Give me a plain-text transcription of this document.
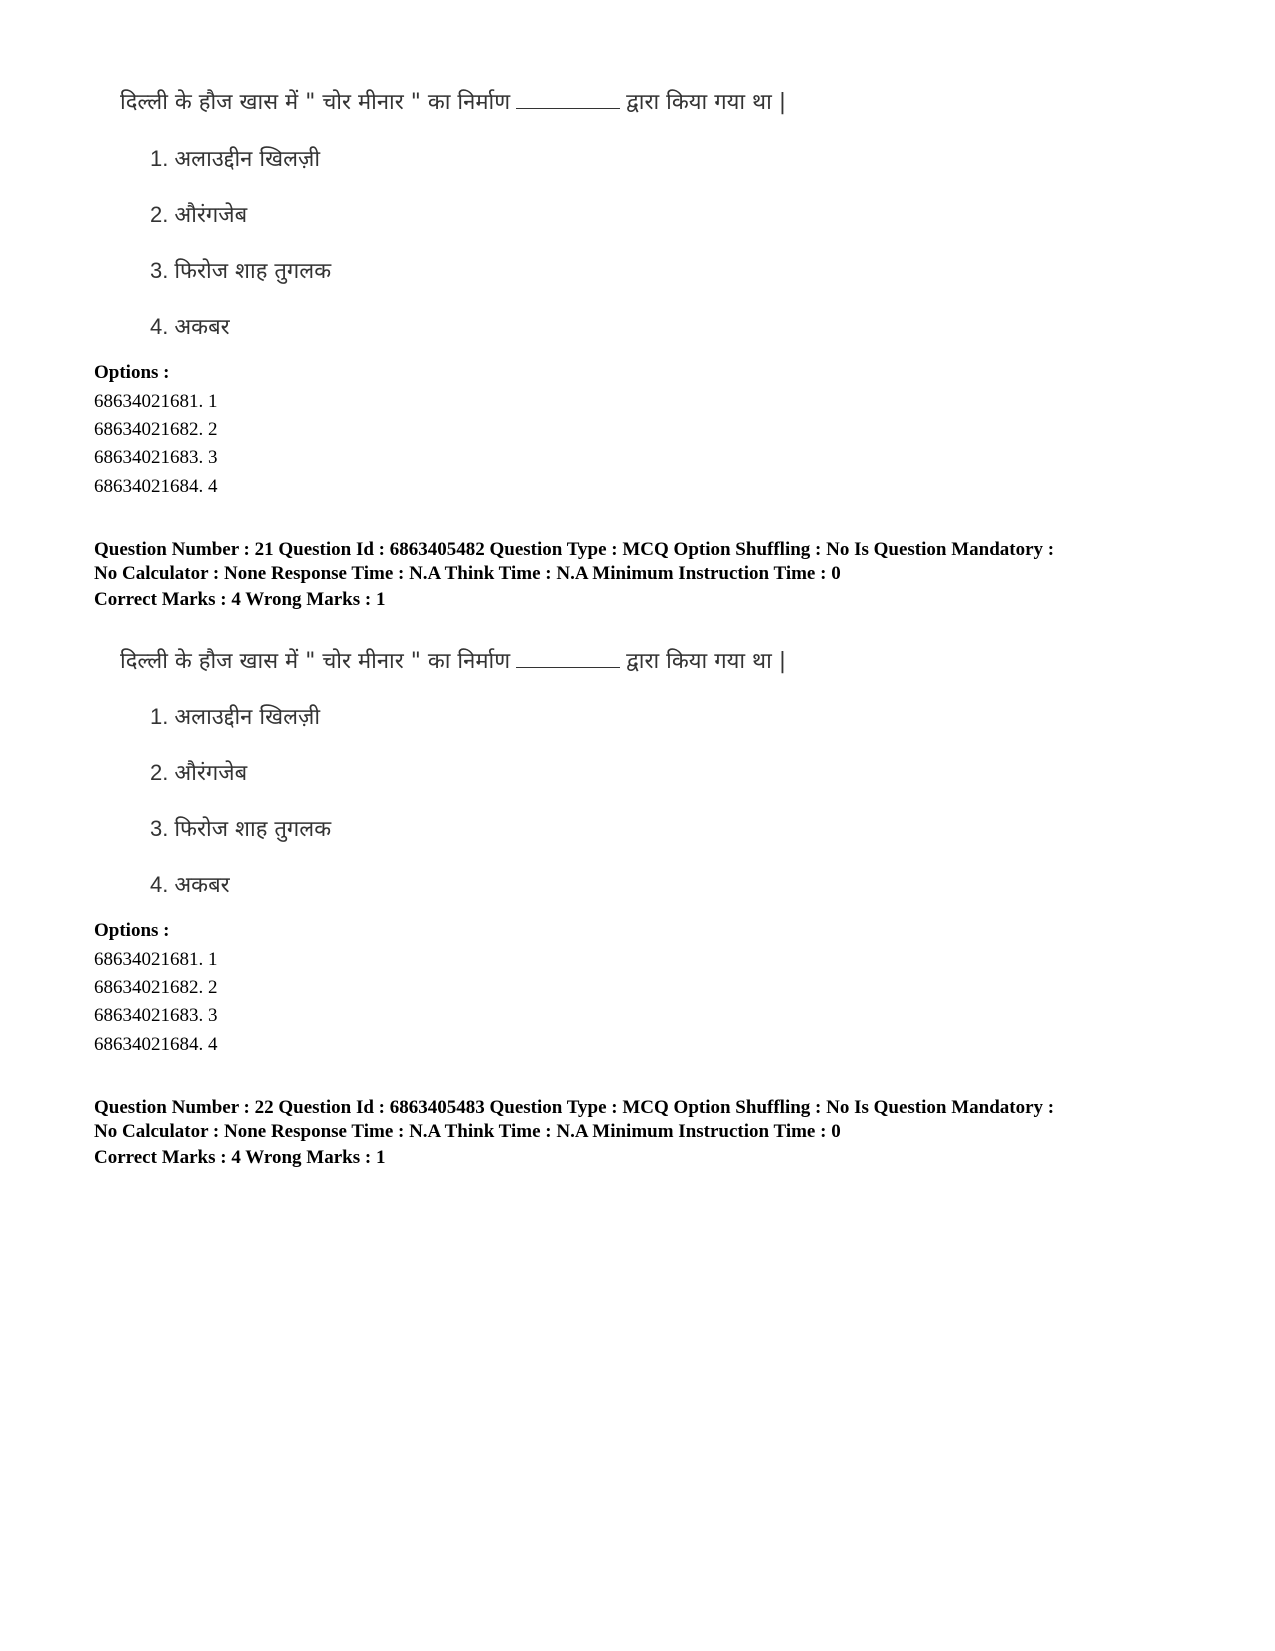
दिल्ली के हौज खास में " चोर मीनार " का निर्माण	द्वारा किया गया था |
1. अलाउद्दीन खिलज़ी
2. औरंगजेब
3. फिरोज शाह तुगलक
4. अकबर
Options :
68634021681. 1
68634021682. 2
68634021683. 3
68634021684. 4
Question Number : 21 Question Id : 6863405482 Question Type : MCQ Option Shuffling : No Is Question Mandatory :
No Calculator : None Response Time : N.A Think Time : N.A Minimum Instruction Time : 0
Correct Marks : 4 Wrong Marks : 1
दिल्ली के हौज खास में " चोर मीनार " का निर्माण	द्वारा किया गया था |
1. अलाउद्दीन खिलज़ी
2. औरंगजेब
3. फिरोज शाह तुगलक
4. अकबर
Options :
68634021681. 1
68634021682. 2
68634021683. 3
68634021684. 4
Question Number : 22 Question Id : 6863405483 Question Type : MCQ Option Shuffling : No Is Question Mandatory :
No Calculator : None Response Time : N.A Think Time : N.A Minimum Instruction Time : 0
Correct Marks : 4 Wrong Marks : 1
